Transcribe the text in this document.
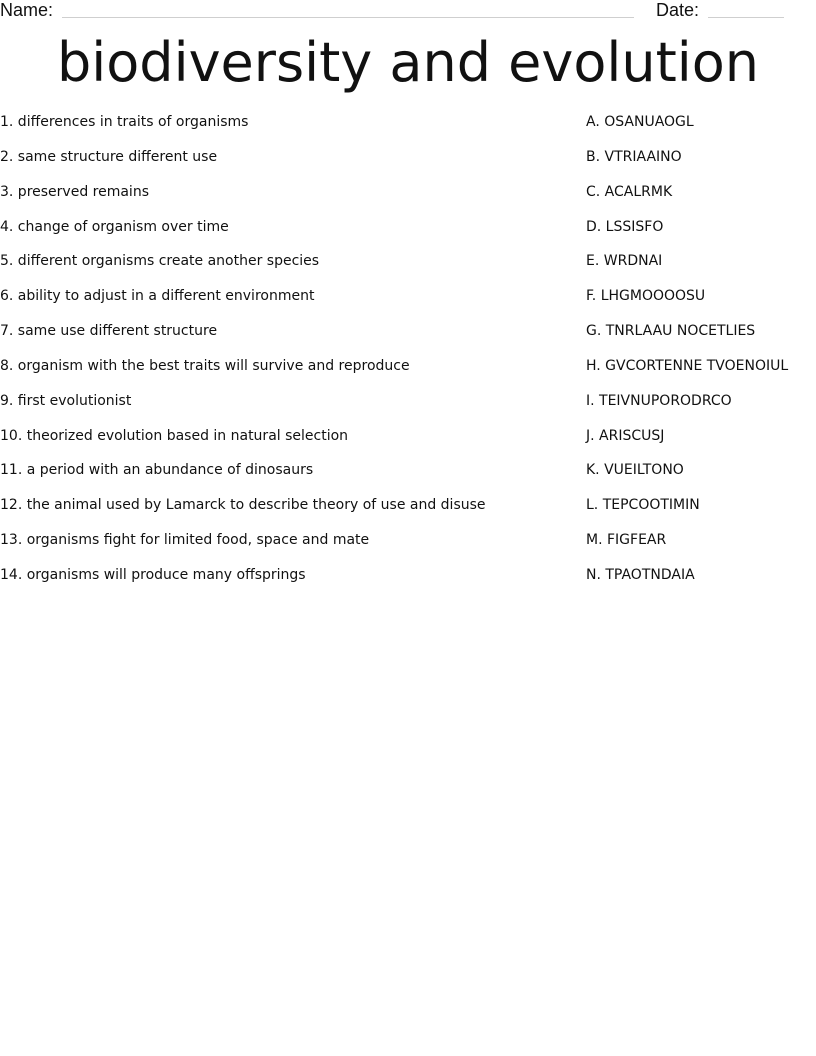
Name:	Date:
biodiversity and evolution
1. differences in traits of organisms
2. same structure different use
3. preserved remains
4. change of organism over time
5. different organisms create another species
6. ability to adjust in a different environment
7. same use different structure
8. organism with the best traits will survive and reproduce
9. first evolutionist
10. theorized evolution based in natural selection
11. a period with an abundance of dinosaurs
12. the animal used by Lamarck to describe theory of use and disuse
13. organisms fight for limited food, space and mate
14. organisms will produce many offsprings
A. OSANUAOGL
B. VTRIAAINO
C. ACALRMK
D. LSSISFO
E. WRDNAI
F. LHGMOOOOSU
G. TNRLAAU NOCETLIES
H. GVCORTENNE TVOENOIUL
I. TEIVNUPORODRCO
J. ARISCUSJ
K. VUEILTONO
L. TEPCOOTIMIN
M. FIGFEAR
N. TPAOTNDAIA
